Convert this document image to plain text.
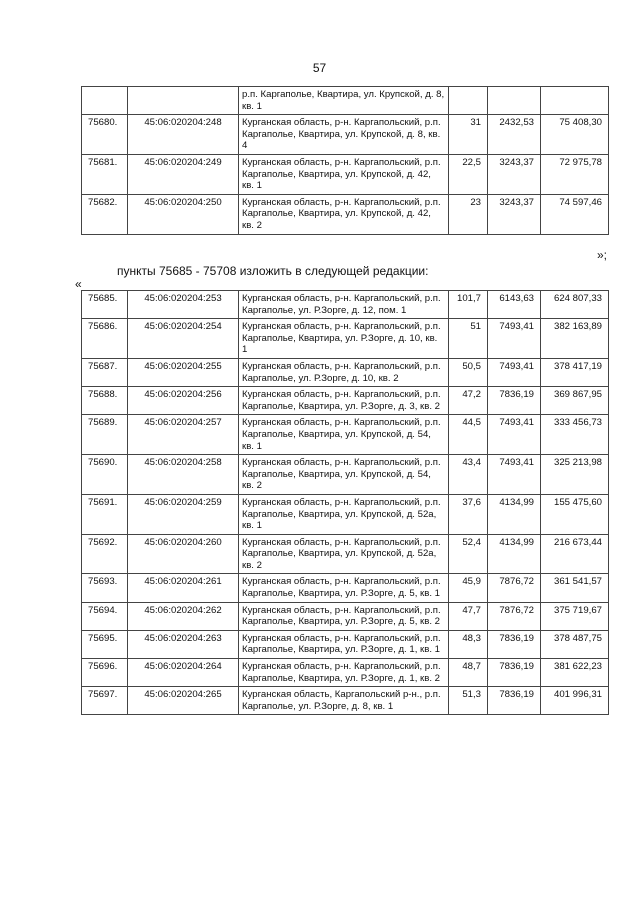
57
		р.п. Каргаполье, Квартира, ул. Крупской, д. 8, кв. 1			
75680.	45:06:020204:248	Курганская область, р-н. Каргапольский, р.п. Каргаполье, Квартира, ул. Крупской, д. 8, кв. 4	31	2432,53	75 408,30
75681.	45:06:020204:249	Курганская область, р-н. Каргапольский, р.п. Каргаполье, Квартира, ул. Крупской, д. 42, кв. 1	22,5	3243,37	72 975,78
75682.	45:06:020204:250	Курганская область, р-н. Каргапольский, р.п. Каргаполье, Квартира, ул. Крупской, д. 42, кв. 2	23	3243,37	74 597,46
»;
пункты 75685 - 75708 изложить в следующей редакции:
«
75685.	45:06:020204:253	Курганская область, р-н. Каргапольский, р.п. Каргаполье, ул. Р.Зорге, д. 12, пом. 1	101,7	6143,63	624 807,33
75686.	45:06:020204:254	Курганская область, р-н. Каргапольский, р.п. Каргаполье, Квартира, ул. Р.Зорге, д. 10, кв. 1	51	7493,41	382 163,89
75687.	45:06:020204:255	Курганская область, р-н. Каргапольский, р.п. Каргаполье, ул. Р.Зорге, д. 10, кв. 2	50,5	7493,41	378 417,19
75688.	45:06:020204:256	Курганская область, р-н. Каргапольский, р.п. Каргаполье, Квартира, ул. Р.Зорге, д. 3, кв. 2	47,2	7836,19	369 867,95
75689.	45:06:020204:257	Курганская область, р-н. Каргапольский, р.п. Каргаполье, Квартира, ул. Крупской, д. 54, кв. 1	44,5	7493,41	333 456,73
75690.	45:06:020204:258	Курганская область, р-н. Каргапольский, р.п. Каргаполье, Квартира, ул. Крупской, д. 54, кв. 2	43,4	7493,41	325 213,98
75691.	45:06:020204:259	Курганская область, р-н. Каргапольский, р.п. Каргаполье, Квартира, ул. Крупской, д. 52а, кв. 1	37,6	4134,99	155 475,60
75692.	45:06:020204:260	Курганская область, р-н. Каргапольский, р.п. Каргаполье, Квартира, ул. Крупской, д. 52а, кв. 2	52,4	4134,99	216 673,44
75693.	45:06:020204:261	Курганская область, р-н. Каргапольский, р.п. Каргаполье, Квартира, ул. Р.Зорге, д. 5, кв. 1	45,9	7876,72	361 541,57
75694.	45:06:020204:262	Курганская область, р-н. Каргапольский, р.п. Каргаполье, Квартира, ул. Р.Зорге, д. 5, кв. 2	47,7	7876,72	375 719,67
75695.	45:06:020204:263	Курганская область, р-н. Каргапольский, р.п. Каргаполье, Квартира, ул. Р.Зорге, д. 1, кв. 1	48,3	7836,19	378 487,75
75696.	45:06:020204:264	Курганская область, р-н. Каргапольский, р.п. Каргаполье, Квартира, ул. Р.Зорге, д. 1, кв. 2	48,7	7836,19	381 622,23
75697.	45:06:020204:265	Курганская область, Каргапольский р-н., р.п. Каргаполье, ул. Р.Зорге, д. 8, кв. 1	51,3	7836,19	401 996,31
